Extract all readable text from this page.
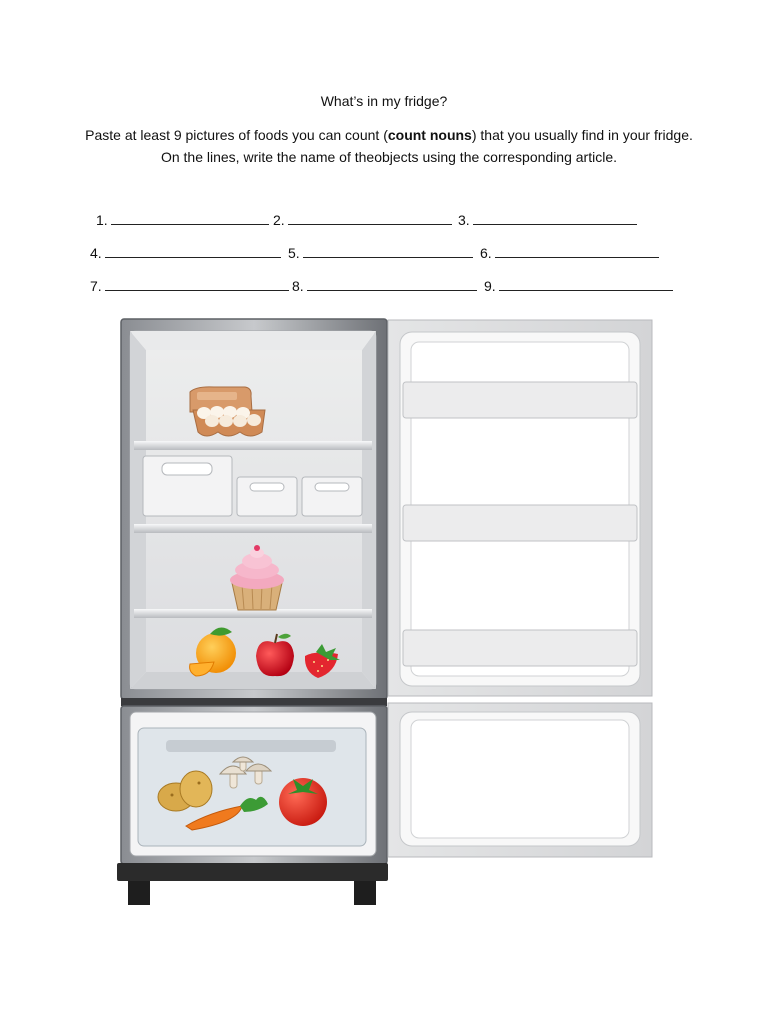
What’s in my fridge?
Paste at least 9 pictures of foods you can count (count nouns) that you usually find in your fridge. On the lines, write the name of theobjects using the corresponding article.
1.	2.	3.
4.	5.	6.
7.	8.	9.
